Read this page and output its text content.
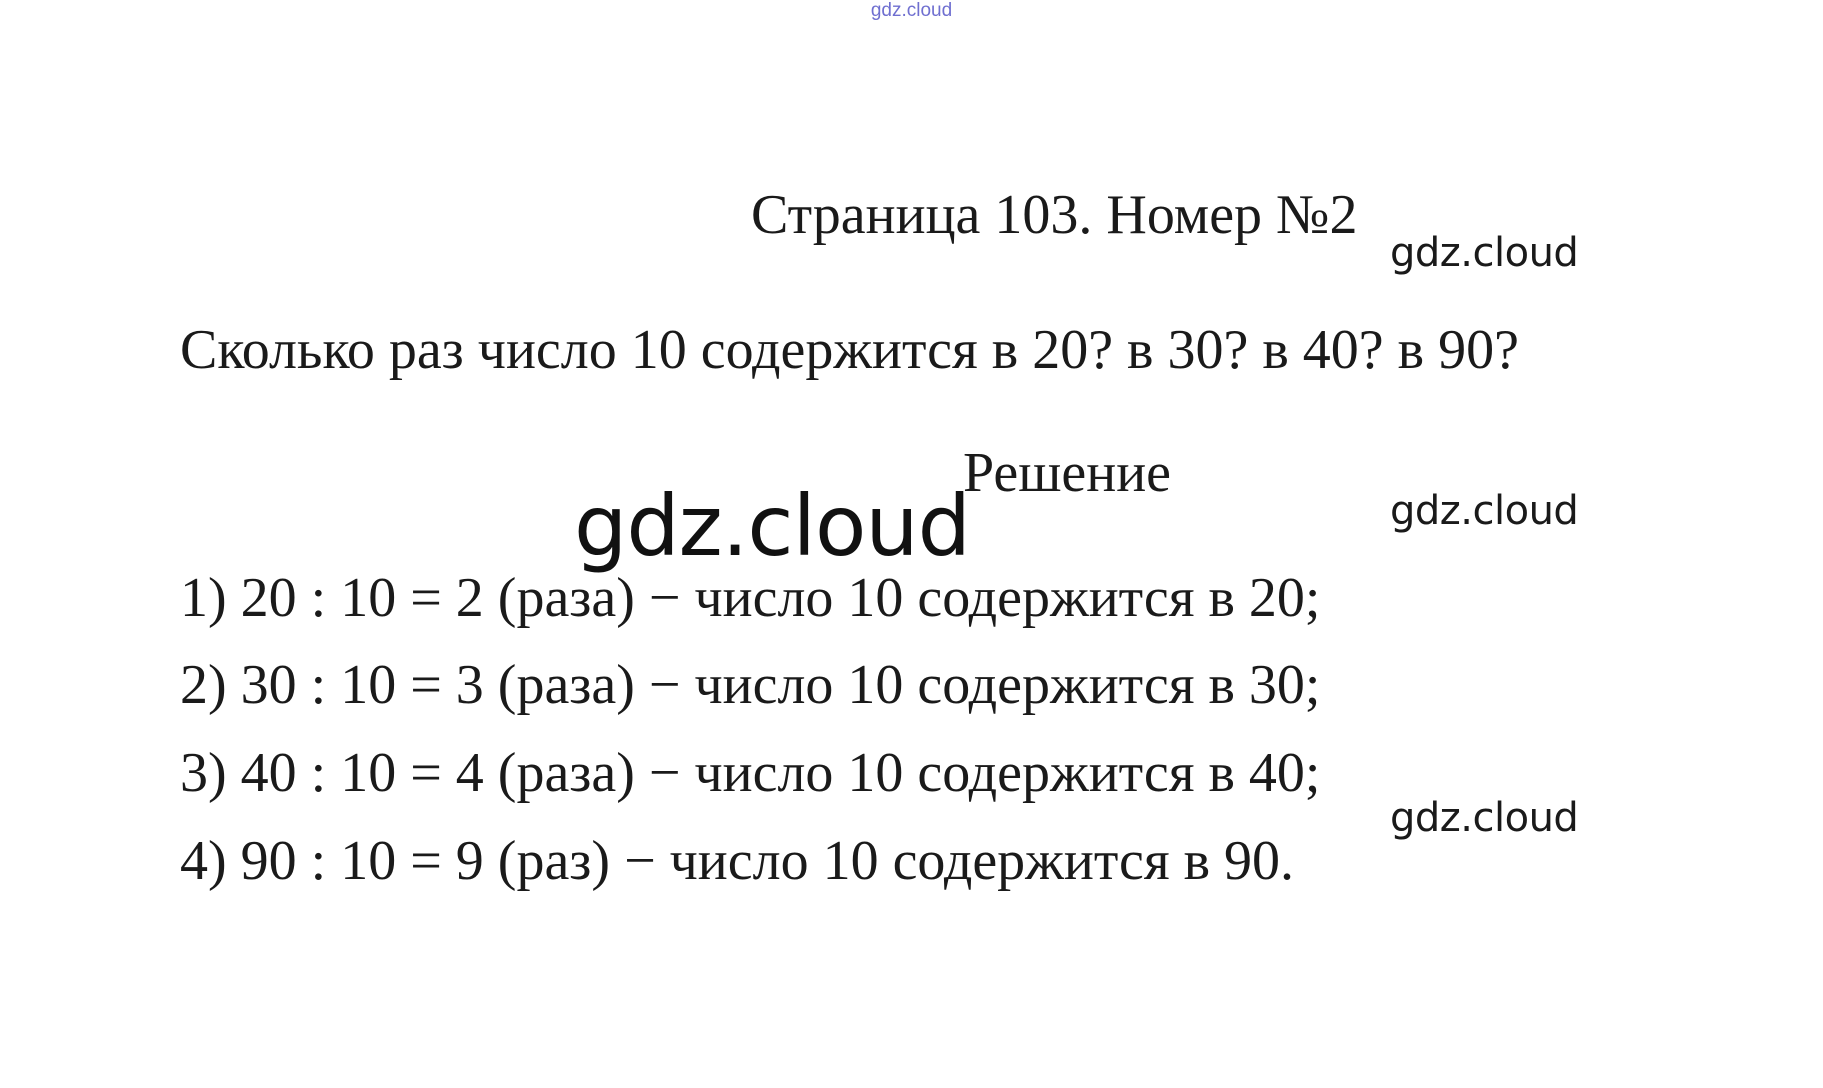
gdz.cloud
Страница 103. Номер №2
gdz.cloud
Сколько раз число 10 содержится в 20? в 30? в 40? в 90?
Решение
gdz.cloud	gdz.cloud
1) 20 : 10 = 2 (раза) − число 10 содержится в 20;
2) 30 : 10 = 3 (раза) − число 10 содержится в 30;
3) 40 : 10 = 4 (раза) − число 10 содержится в 40;
gdz.cloud
4) 90 : 10 = 9 (раз) − число 10 содержится в 90.
